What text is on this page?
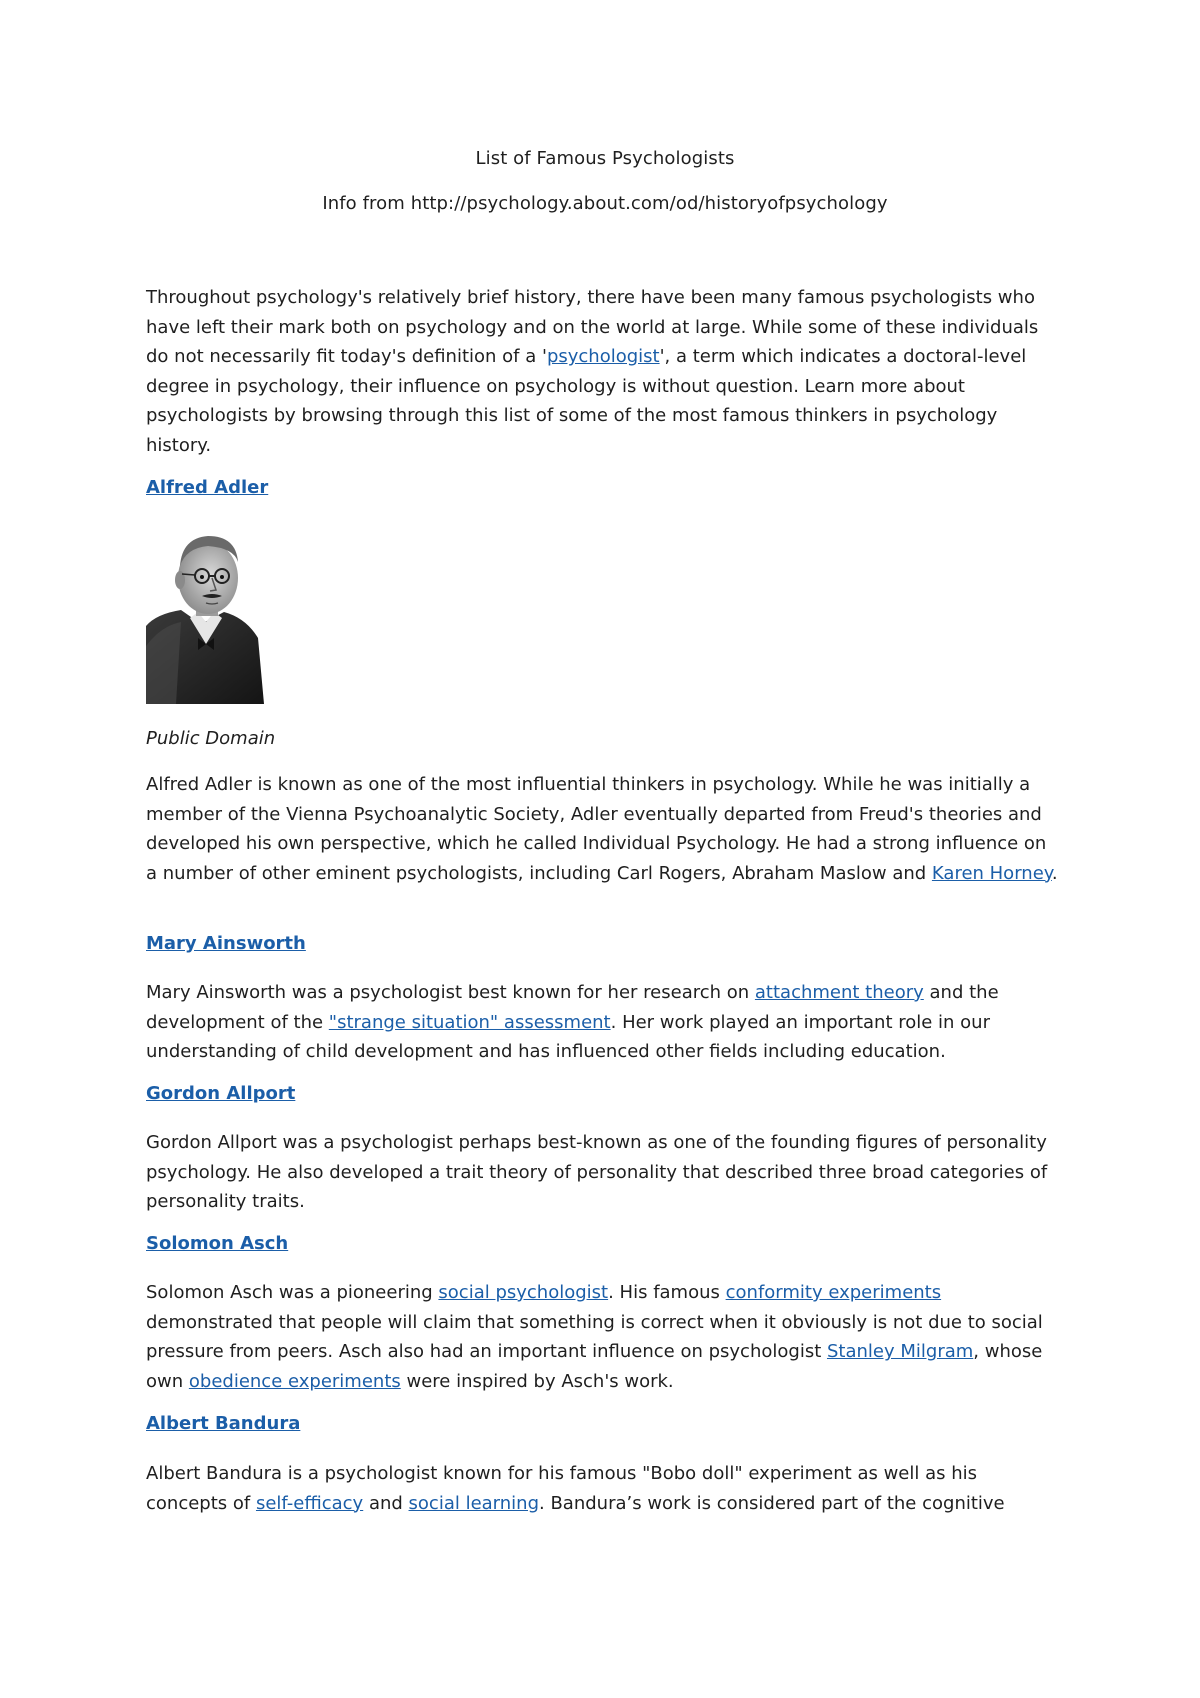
List of Famous Psychologists
Info from http://psychology.about.com/od/historyofpsychology

Throughout psychology's relatively brief history, there have been many famous psychologists who have left their mark both on psychology and on the world at large. While some of these individuals do not necessarily fit today's definition of a 'psychologist', a term which indicates a doctoral-level degree in psychology, their influence on psychology is without question. Learn more about psychologists by browsing through this list of some of the most famous thinkers in psychology history.

Alfred Adler
Public Domain

Alfred Adler is known as one of the most influential thinkers in psychology. While he was initially a member of the Vienna Psychoanalytic Society, Adler eventually departed from Freud's theories and developed his own perspective, which he called Individual Psychology. He had a strong influence on a number of other eminent psychologists, including Carl Rogers, Abraham Maslow and Karen Horney.

Mary Ainsworth

Mary Ainsworth was a psychologist best known for her research on attachment theory and the development of the "strange situation" assessment. Her work played an important role in our understanding of child development and has influenced other fields including education.

Gordon Allport

Gordon Allport was a psychologist perhaps best-known as one of the founding figures of personality psychology. He also developed a trait theory of personality that described three broad categories of personality traits.

Solomon Asch

Solomon Asch was a pioneering social psychologist. His famous conformity experiments demonstrated that people will claim that something is correct when it obviously is not due to social pressure from peers. Asch also had an important influence on psychologist Stanley Milgram, whose own obedience experiments were inspired by Asch's work.

Albert Bandura

Albert Bandura is a psychologist known for his famous "Bobo doll" experiment as well as his concepts of self-efficacy and social learning. Bandura’s work is considered part of the cognitive
